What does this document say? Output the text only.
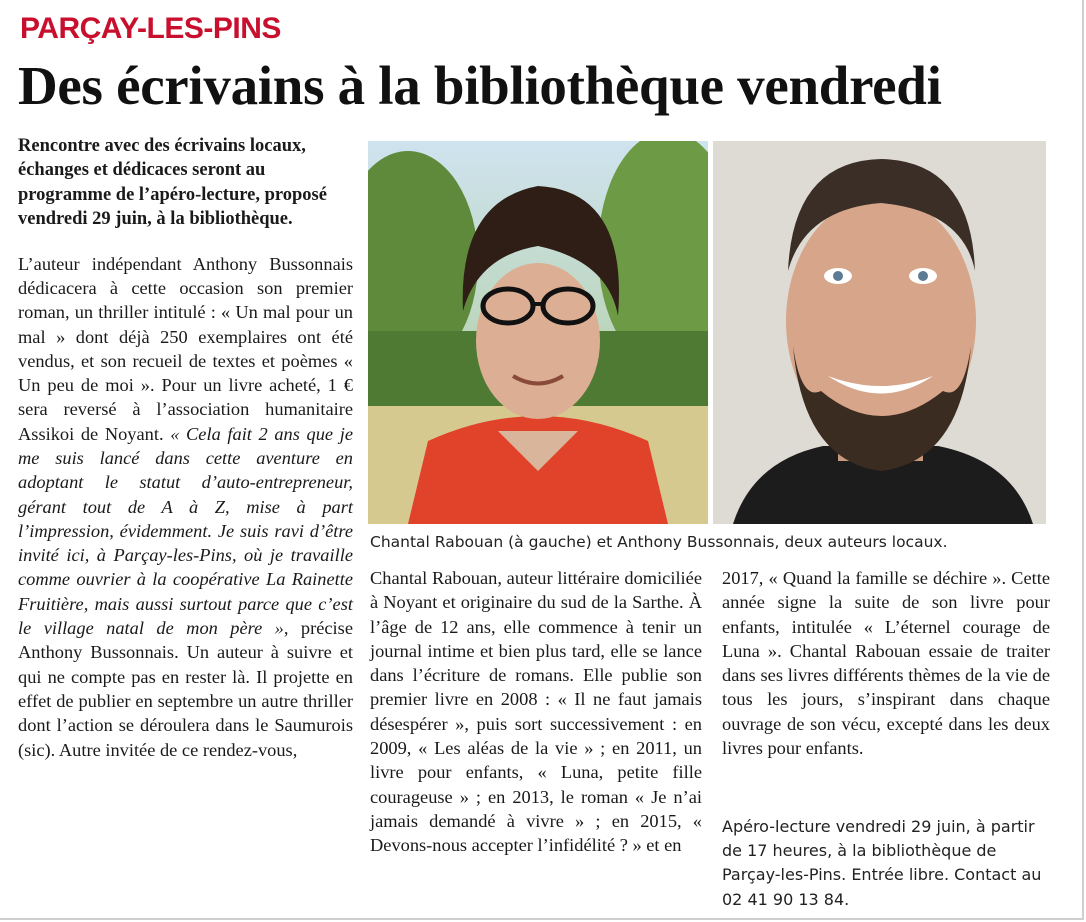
PARÇAY-LES-PINS
Des écrivains à la bibliothèque vendredi

Rencontre avec des écrivains locaux, échanges et dédicaces seront au programme de l’apéro-lecture, proposé vendredi 29 juin, à la bibliothèque.

L’auteur indépendant Anthony Bussonnais dédicacera à cette occasion son premier roman, un thriller intitulé : « Un mal pour un mal » dont déjà 250 exemplaires ont été vendus, et son recueil de textes et poèmes « Un peu de moi ». Pour un livre acheté, 1 € sera reversé à l’association humanitaire Assikoi de Noyant. « Cela fait 2 ans que je me suis lancé dans cette aventure en adoptant le statut d’auto-entrepreneur, gérant tout de A à Z, mise à part l’impression, évidemment. Je suis ravi d’être invité ici, à Parçay-les-Pins, où je travaille comme ouvrier à la coopérative La Rainette Fruitière, mais aussi surtout parce que c’est le village natal de mon père », précise Anthony Bussonnais. Un auteur à suivre et qui ne compte pas en rester là. Il projette en effet de publier en septembre un autre thriller dont l’action se déroulera dans le Saumurois (sic). Autre invitée de ce rendez-vous,

Chantal Rabouan (à gauche) et Anthony Bussonnais, deux auteurs locaux.

Chantal Rabouan, auteur littéraire domiciliée à Noyant et originaire du sud de la Sarthe. À l’âge de 12 ans, elle commence à tenir un journal intime et bien plus tard, elle se lance dans l’écriture de romans. Elle publie son premier livre en 2008 : « Il ne faut jamais désespérer », puis sort successivement : en 2009, « Les aléas de la vie » ; en 2011, un livre pour enfants, « Luna, petite fille courageuse » ; en 2013, le roman « Je n’ai jamais demandé à vivre » ; en 2015, « Devons-nous accepter l’infidélité ? » et en

2017, « Quand la famille se déchire ». Cette année signe la suite de son livre pour enfants, intitulée « L’éternel courage de Luna ». Chantal Rabouan essaie de traiter dans ses livres différents thèmes de la vie de tous les jours, s’inspirant dans chaque ouvrage de son vécu, excepté dans les deux livres pour enfants.

Apéro-lecture vendredi 29 juin, à partir de 17 heures, à la bibliothèque de Parçay-les-Pins. Entrée libre. Contact au 02 41 90 13 84.
